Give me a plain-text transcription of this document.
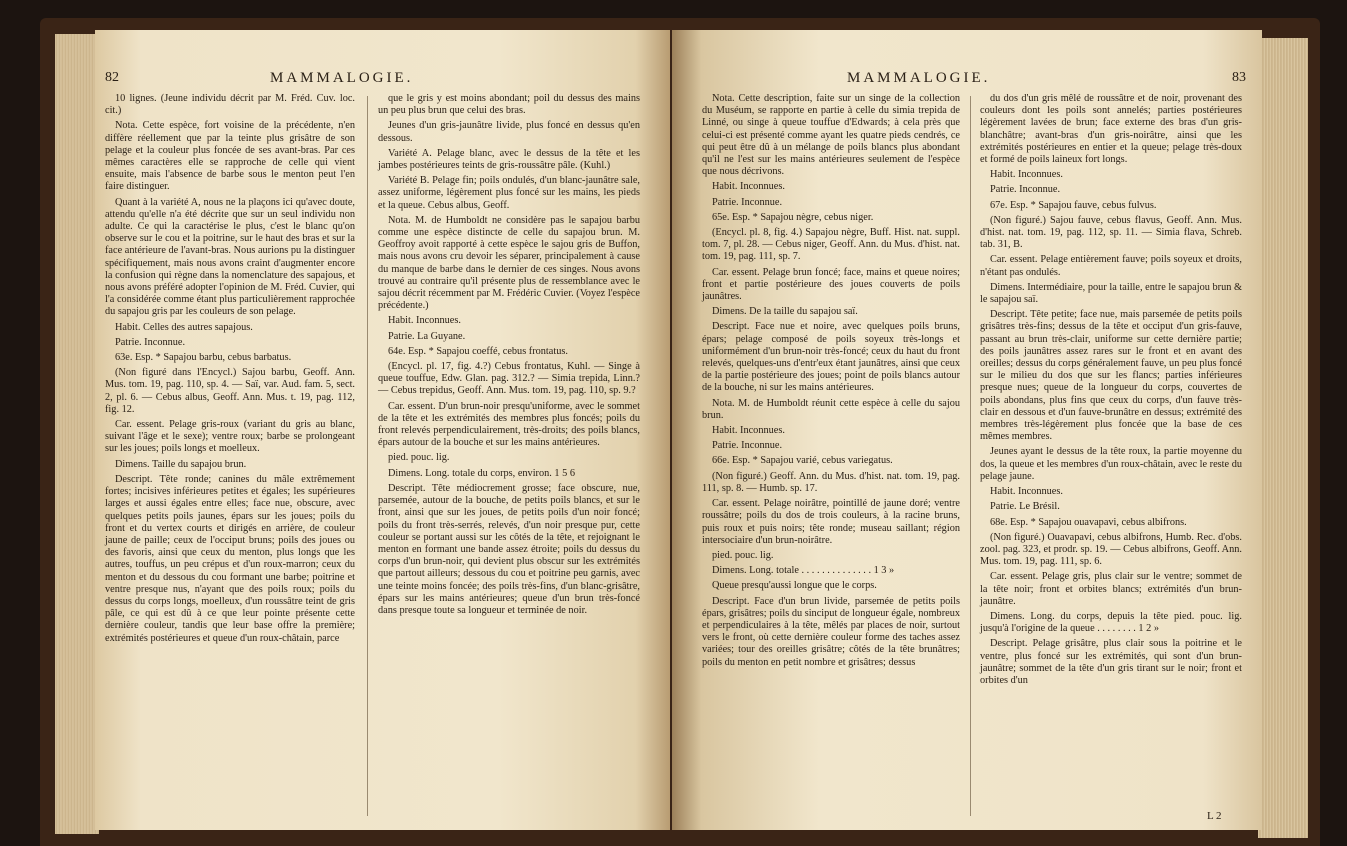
82	MAMMALOGIE.

10 lignes. (Jeune individu décrit par M. Fréd. Cuv. loc. cit.)

Nota. Cette espèce, fort voisine de la précédente, n'en diffère réellement que par la teinte plus grisâtre de son pelage et la couleur plus foncée de ses avant-bras. Par ces mêmes caractères elle se rapproche de celle qui vient ensuite, mais l'absence de barbe sous le menton peut l'en faire distinguer.

Quant à la variété A, nous ne la plaçons ici qu'avec doute, attendu qu'elle n'a été décrite que sur un seul individu non adulte. Ce qui la caractérise le plus, c'est le blanc qu'on observe sur le cou et la poitrine, sur le haut des bras et sur la face antérieure de l'avant-bras. Nous aurions pu la distinguer spécifiquement, mais nous avons craint d'augmenter encore la confusion qui règne dans la nomenclature des sapajous, et nous avons préféré adopter l'opinion de M. Fréd. Cuvier, qui l'a considérée comme étant plus particulièrement rapprochée du sapajou gris par les couleurs de son pelage.

Habit. Celles des autres sapajous.

Patrie. Inconnue.

63e. Esp. * Sapajou barbu, cebus barbatus.

(Non figuré dans l'Encycl.) Sajou barbu, Geoff. Ann. Mus. tom. 19, pag. 110, sp. 4. — Saï, var. Aud. fam. 5, sect. 2, pl. 6. — Cebus albus, Geoff. Ann. Mus. t. 19, pag. 112, fig. 12.

Car. essent. Pelage gris-roux (variant du gris au blanc, suivant l'âge et le sexe); ventre roux; barbe se prolongeant sur les joues; poils longs et moelleux.

Dimens. Taille du sapajou brun.

Descript. Tête ronde; canines du mâle extrêmement fortes; incisives inférieures petites et égales; les supérieures larges et aussi égales entre elles; face nue, obscure, avec quelques petits poils jaunes, épars sur les joues; poils du front et du vertex courts et dirigés en arrière, de couleur jaune de paille; ceux de l'occiput bruns; poils des joues ou des favoris, ainsi que ceux du menton, plus longs que les autres, touffus, un peu crépus et d'un roux-marron; ceux du menton et du dessous du cou formant une barbe; poitrine et ventre presque nus, n'ayant que des poils roux; poils du dessus du corps longs, moelleux, d'un roussâtre teint de gris pâle, ce qui est dû à ce que leur pointe présente cette dernière couleur, tandis que leur base offre la première; extrémités postérieures et queue d'un roux-châtain, parce

que le gris y est moins abondant; poil du dessus des mains un peu plus brun que celui des bras.

Jeunes d'un gris-jaunâtre livide, plus foncé en dessus qu'en dessous.

Variété A. Pelage blanc, avec le dessus de la tête et les jambes postérieures teints de gris-roussâtre pâle. (Kuhl.)

Variété B. Pelage fin; poils ondulés, d'un blanc-jaunâtre sale, assez uniforme, légèrement plus foncé sur les mains, les pieds et la queue. Cebus albus, Geoff.

Nota. M. de Humboldt ne considère pas le sapajou barbu comme une espèce distincte de celle du sapajou brun. M. Geoffroy avoit rapporté à cette espèce le sajou gris de Buffon, mais nous avons cru devoir les séparer, principalement à cause du manque de barbe dans le dernier de ces singes. Nous avons trouvé au contraire qu'il présente plus de ressemblance avec le sajou décrit récemment par M. Frédéric Cuvier. (Voyez l'espèce précédente.)

Habit. Inconnues.

Patrie. La Guyane.

64e. Esp. * Sapajou coeffé, cebus frontatus.

(Encycl. pl. 17, fig. 4.?) Cebus frontatus, Kuhl. — Singe à queue touffue, Edw. Glan. pag. 312.? — Simia trepida, Linn.? — Cebus trepidus, Geoff. Ann. Mus. tom. 19, pag. 110, sp. 9.?

Car. essent. D'un brun-noir presqu'uniforme, avec le sommet de la tête et les extrémités des membres plus foncés; poils du front relevés perpendiculairement, très-droits; des poils blancs, épars autour de la bouche et sur les mains antérieures.

pied. pouc. lig.

Dimens. Long. totale du corps, environ. 1 5 6

Descript. Tête médiocrement grosse; face obscure, nue, parsemée, autour de la bouche, de petits poils blancs, et sur le front, ainsi que sur les joues, de petits poils d'un noir foncé; poils du front très-serrés, relevés, d'un noir presque pur, cette couleur se portant aussi sur les côtés de la tête, et rejoignant le menton en formant une bande assez étroite; poils du dessus du corps d'un brun-noir, qui devient plus obscur sur les extrémités que partout ailleurs; dessous du cou et poitrine peu garnis, avec une teinte moins foncée; des poils très-fins, d'un blanc-grisâtre, épars sur les mains antérieures; queue d'un brun très-foncé dans presque toute sa longueur et terminée de noir.

MAMMALOGIE.	83

Nota. Cette description, faite sur un singe de la collection du Muséum, se rapporte en partie à celle du simia trepida de Linné, ou singe à queue touffue d'Edwards; à cela près que celui-ci est présenté comme ayant les quatre pieds cendrés, ce qui peut être dû à un mélange de poils blancs plus abondant qu'il ne l'est sur les mains antérieures seulement de l'espèce que nous décrivons.

Habit. Inconnues.

Patrie. Inconnue.

65e. Esp. * Sapajou nègre, cebus niger.

(Encycl. pl. 8, fig. 4.) Sapajou nègre, Buff. Hist. nat. suppl. tom. 7, pl. 28. — Cebus niger, Geoff. Ann. du Mus. d'hist. nat. tom. 19, pag. 111, sp. 7.

Car. essent. Pelage brun foncé; face, mains et queue noires; front et partie postérieure des joues couverts de poils jaunâtres.

Dimens. De la taille du sapajou saï.

Descript. Face nue et noire, avec quelques poils bruns, épars; pelage composé de poils soyeux très-longs et uniformément d'un brun-noir très-foncé; ceux du haut du front relevés, quelques-uns d'entr'eux étant jaunâtres, ainsi que ceux de la partie postérieure des joues; point de poils blancs autour de la bouche, ni sur les mains antérieures.

Nota. M. de Humboldt réunit cette espèce à celle du sajou brun.

Habit. Inconnues.

Patrie. Inconnue.

66e. Esp. * Sapajou varié, cebus variegatus.

(Non figuré.) Geoff. Ann. du Mus. d'hist. nat. tom. 19, pag. 111, sp. 8. — Humb. sp. 17.

Car. essent. Pelage noirâtre, pointillé de jaune doré; ventre roussâtre; poils du dos de trois couleurs, à la racine bruns, puis roux et puis noirs; tête ronde; museau saillant; région intersociaire d'un brun-noirâtre.

pied. pouc. lig.

Dimens. Long. totale . . . . . . . . . . . . . . 1 3 »

Queue presqu'aussi longue que le corps.

Descript. Face d'un brun livide, parsemée de petits poils épars, grisâtres; poils du sinciput de longueur égale, nombreux et perpendiculaires à la tête, mêlés par places de noir, surtout vers le front, où cette dernière couleur forme des taches assez variées; tour des oreilles grisâtre; côtés de la tête brunâtres; poils du menton en petit nombre et grisâtres; dessus

du dos d'un gris mêlé de roussâtre et de noir, provenant des couleurs dont les poils sont annelés; parties postérieures légèrement lavées de brun; face externe des bras d'un gris-blanchâtre; avant-bras d'un gris-noirâtre, ainsi que les extrémités postérieures en entier et la queue; pelage très-doux et formé de poils laineux fort longs.

Habit. Inconnues.

Patrie. Inconnue.

67e. Esp. * Sapajou fauve, cebus fulvus.

(Non figuré.) Sajou fauve, cebus flavus, Geoff. Ann. Mus. d'hist. nat. tom. 19, pag. 112, sp. 11. — Simia flava, Schreb. tab. 31, B.

Car. essent. Pelage entièrement fauve; poils soyeux et droits, n'étant pas ondulés.

Dimens. Intermédiaire, pour la taille, entre le sapajou brun & le sapajou saï.

Descript. Tête petite; face nue, mais parsemée de petits poils grisâtres très-fins; dessus de la tête et occiput d'un gris-fauve, passant au brun très-clair, uniforme sur cette dernière partie; des poils jaunâtres assez rares sur le front et en avant des oreilles; dessus du corps généralement fauve, un peu plus foncé sur le milieu du dos que sur les flancs; parties inférieures presque nues; queue de la longueur du corps, couvertes de poils abondans, plus fins que ceux du corps, d'un fauve très-clair en dessous et d'un fauve-brunâtre en dessus; extrémité des membres très-légèrement plus foncée que la base de ces mêmes membres.

Jeunes ayant le dessus de la tête roux, la partie moyenne du dos, la queue et les membres d'un roux-châtain, avec le reste du pelage jaune.

Habit. Inconnues.

Patrie. Le Brésil.

68e. Esp. * Sapajou ouavapavi, cebus albifrons.

(Non figuré.) Ouavapavi, cebus albifrons, Humb. Rec. d'obs. zool. pag. 323, et prodr. sp. 19. — Cebus albifrons, Geoff. Ann. Mus. tom. 19, pag. 111, sp. 6.

Car. essent. Pelage gris, plus clair sur le ventre; sommet de la tête noir; front et orbites blancs; extrémités d'un brun-jaunâtre.

Dimens. Long. du corps, depuis la tête pied. pouc. lig. jusqu'à l'origine de la queue . . . . . . . . 1 2 »

Descript. Pelage grisâtre, plus clair sous la poitrine et le ventre, plus foncé sur les extrémités, qui sont d'un brun-jaunâtre; sommet de la tête d'un gris tirant sur le noir; front et orbites d'un

L 2
